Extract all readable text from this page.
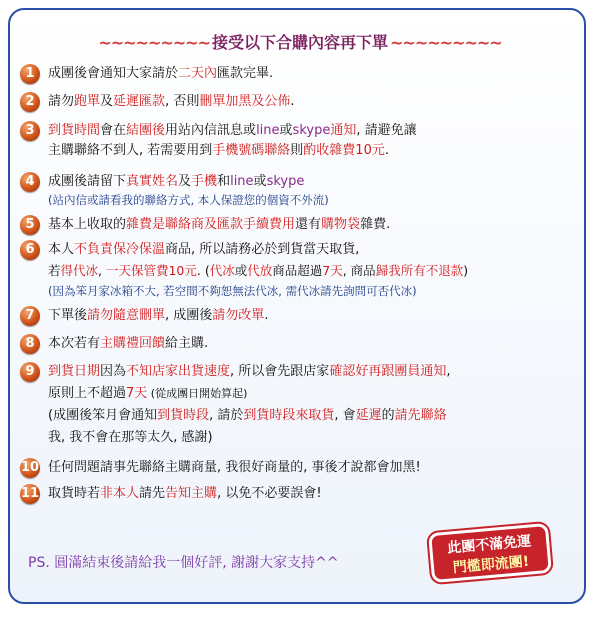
~~~~~~~~~ 接受以下合購內容再下單 ~~~~~~~~~
1	成團後會通知大家請於二天內匯款完畢.
2	請勿跑單及延遲匯款, 否則刪單加黑及公佈.
3	到貨時間會在結團後用站內信訊息或line或skype通知, 請避免讓
主購聯絡不到人, 若需要用到手機號碼聯絡則酌收雜費10元.
4	成團後請留下真實姓名及手機和line或skype
(站內信或請看我的聯絡方式, 本人保證您的個資不外流)
5	基本上收取的雜費是聯絡商及匯款手續費用還有購物袋雜費.
6	本人不負責保冷保溫商品, 所以請務必於到貨當天取貨,
若得代冰, 一天保管費10元. (代冰或代放商品超過7天, 商品歸我所有不退款)
(因為笨月家冰箱不大, 若空間不夠恕無法代冰, 需代冰請先詢問可否代冰)
7	下單後請勿隨意刪單, 成團後請勿改單.
8	本次若有主購禮回饋給主購.
9	到貨日期因為不知店家出貨速度, 所以會先跟店家確認好再跟團員通知,
原則上不超過7天 (從成團日開始算起)
(成團後笨月會通知到貨時段, 請於到貨時段來取貨, 會延遲的請先聯絡
我, 我不會在那等太久, 感謝)
10 任何問題請事先聯絡主購商量, 我很好商量的, 事後才說都會加黑!
11 取貨時若非本人請先告知主購, 以免不必要誤會!
PS. 圓滿結束後請給我一個好評, 謝謝大家支持^^
此團不滿免運
門檻即流團!
